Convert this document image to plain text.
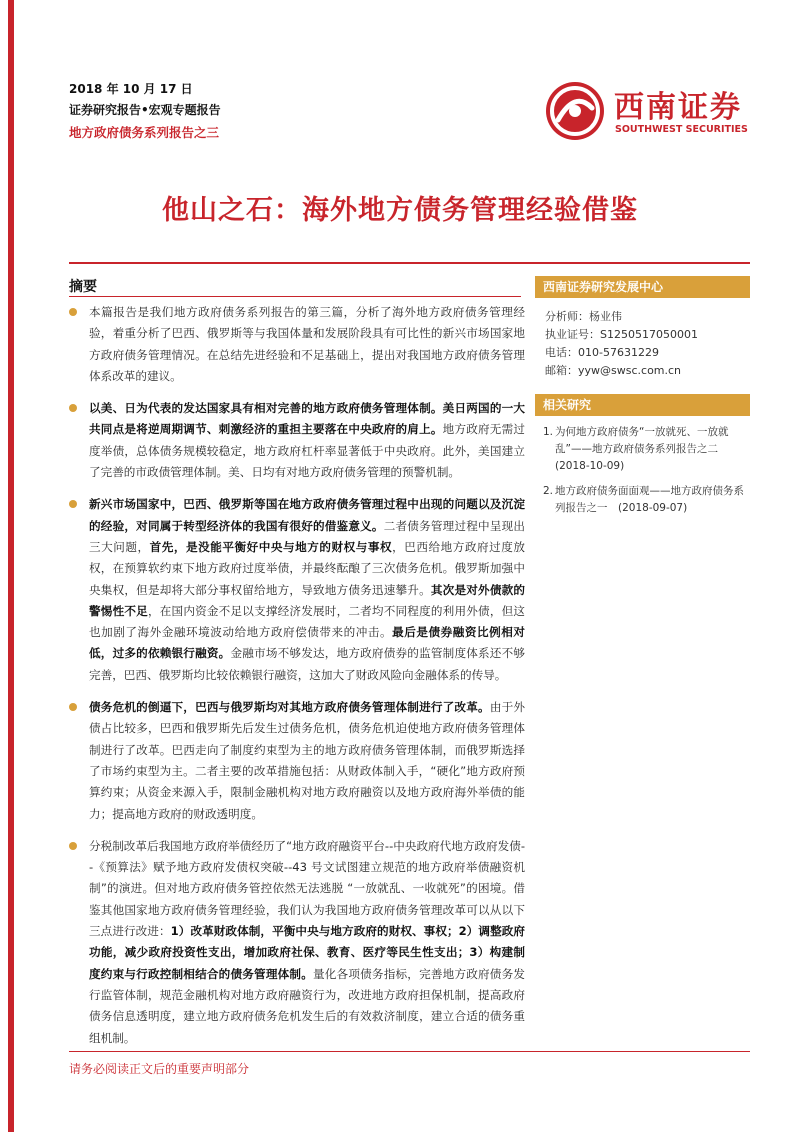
2018 年 10 月 17 日
证券研究报告•宏观专题报告
地方政府债务系列报告之三
西南证券
SOUTHWEST SECURITIES
他山之石：海外地方债务管理经验借鉴
摘要
本篇报告是我们地方政府债务系列报告的第三篇，分析了海外地方政府债务管理经验，着重分析了巴西、俄罗斯等与我国体量和发展阶段具有可比性的新兴市场国家地方政府债务管理情况。在总结先进经验和不足基础上，提出对我国地方政府债务管理体系改革的建议。
以美、日为代表的发达国家具有相对完善的地方政府债务管理体制。美日两国的一大共同点是将逆周期调节、刺激经济的重担主要落在中央政府的肩上。地方政府无需过度举债，总体债务规模较稳定，地方政府杠杆率显著低于中央政府。此外，美国建立了完善的市政债管理体制。美、日均有对地方政府债务管理的预警机制。
新兴市场国家中，巴西、俄罗斯等国在地方政府债务管理过程中出现的问题以及沉淀的经验，对同属于转型经济体的我国有很好的借鉴意义。二者债务管理过程中呈现出三大问题，首先，是没能平衡好中央与地方的财权与事权，巴西给地方政府过度放权，在预算软约束下地方政府过度举债，并最终酝酿了三次债务危机。俄罗斯加强中央集权，但是却将大部分事权留给地方，导致地方债务迅速攀升。其次是对外债款的警惕性不足，在国内资金不足以支撑经济发展时，二者均不同程度的利用外债，但这也加剧了海外金融环境波动给地方政府偿债带来的冲击。最后是债券融资比例相对低，过多的依赖银行融资。金融市场不够发达，地方政府债券的监管制度体系还不够完善，巴西、俄罗斯均比较依赖银行融资，这加大了财政风险向金融体系的传导。
债务危机的倒逼下，巴西与俄罗斯均对其地方政府债务管理体制进行了改革。由于外债占比较多，巴西和俄罗斯先后发生过债务危机，债务危机迫使地方政府债务管理体制进行了改革。巴西走向了制度约束型为主的地方政府债务管理体制，而俄罗斯选择了市场约束型为主。二者主要的改革措施包括：从财政体制入手，“硬化”地方政府预算约束；从资金来源入手，限制金融机构对地方政府融资以及地方政府海外举债的能力；提高地方政府的财政透明度。
分税制改革后我国地方政府举债经历了“地方政府融资平台--中央政府代地方政府发债--《预算法》赋予地方政府发债权突破--43 号文试图建立规范的地方政府举债融资机制”的演进。但对地方政府债务管控依然无法逃脱 “一放就乱、一收就死”的困境。借鉴其他国家地方政府债务管理经验，我们认为我国地方政府债务管理改革可以从以下三点进行改进：1）改革财政体制，平衡中央与地方政府的财权、事权；2）调整政府功能，减少政府投资性支出，增加政府社保、教育、医疗等民生性支出；3）构建制度约束与行政控制相结合的债务管理体制。量化各项债务指标，完善地方政府债务发行监管体制，规范金融机构对地方政府融资行为，改进地方政府担保机制，提高政府债务信息透明度，建立地方政府债务危机发生后的有效救济制度，建立合适的债务重组机制。
西南证券研究发展中心
分析师：杨业伟
执业证号：S1250517050001
电话：010-57631229
邮箱：yyw@swsc.com.cn
相关研究
1. 为何地方政府债务“一放就死、一放就乱”——地方政府债务系列报告之二 (2018-10-09)
2. 地方政府债务面面观——地方政府债务系列报告之一　(2018-09-07)
请务必阅读正文后的重要声明部分
